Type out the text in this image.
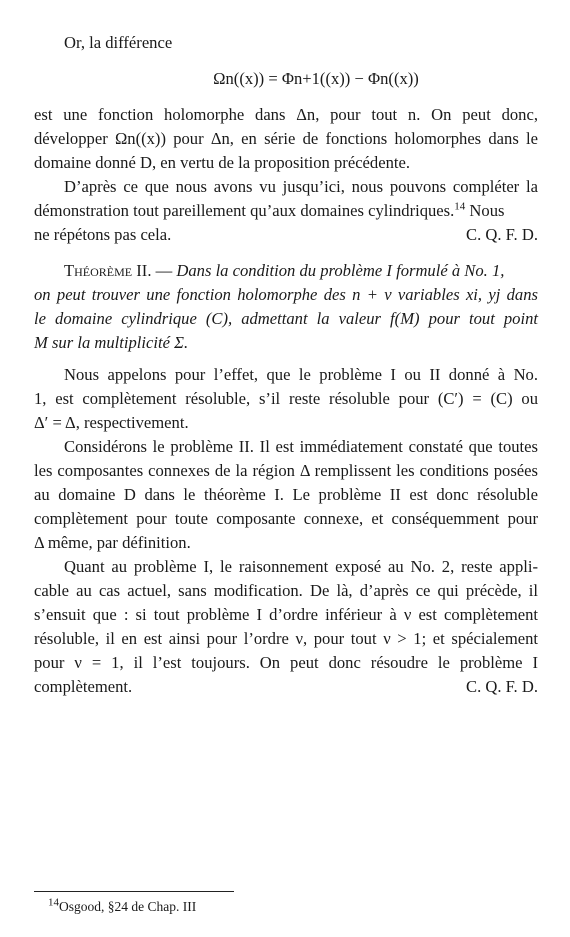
Or, la différence
Ωn((x)) = Φn+1((x)) − Φn((x))
est une fonction holomorphe dans Δn, pour tout n. On peut donc,
développer Ωn((x)) pour Δn, en série de fonctions holomorphes dans le
domaine donné D, en vertu de la proposition précédente.
D’après ce que nous avons vu jusqu’ici, nous pouvons compléter la
démonstration tout pareillement qu’aux domaines cylindriques.$^{14}$ Nous
ne répétons pas cela.	C. Q. F. D.
Théorème II. — Dans la condition du problème I formulé à No. 1,
on peut trouver une fonction holomorphe des n + ν variables xi, yj dans
le domaine cylindrique (C), admettant la valeur f(M) pour tout point
M sur la multiplicité Σ.
Nous appelons pour l’effet, que le problème I ou II donné à No.
1, est complètement résoluble, s’il reste résoluble pour (C′) = (C) ou
Δ′ = Δ, respectivement.
Considérons le problème II. Il est immédiatement constaté que toutes
les composantes connexes de la région Δ remplissent les conditions posées
au domaine D dans le théorème I. Le problème II est donc résoluble
complètement pour toute composante connexe, et conséquemment pour
Δ même, par définition.
Quant au problème I, le raisonnement exposé au No. 2, reste appli-
cable au cas actuel, sans modification. De là, d’après ce qui précède, il
s’ensuit que : si tout problème I d’ordre inférieur à ν est complètement
résoluble, il en est ainsi pour l’ordre ν, pour tout ν > 1; et spécialement
pour ν = 1, il l’est toujours. On peut donc résoudre le problème I
complètement.	C. Q. F. D.
$^{14}$Osgood, §24 de Chap. III
